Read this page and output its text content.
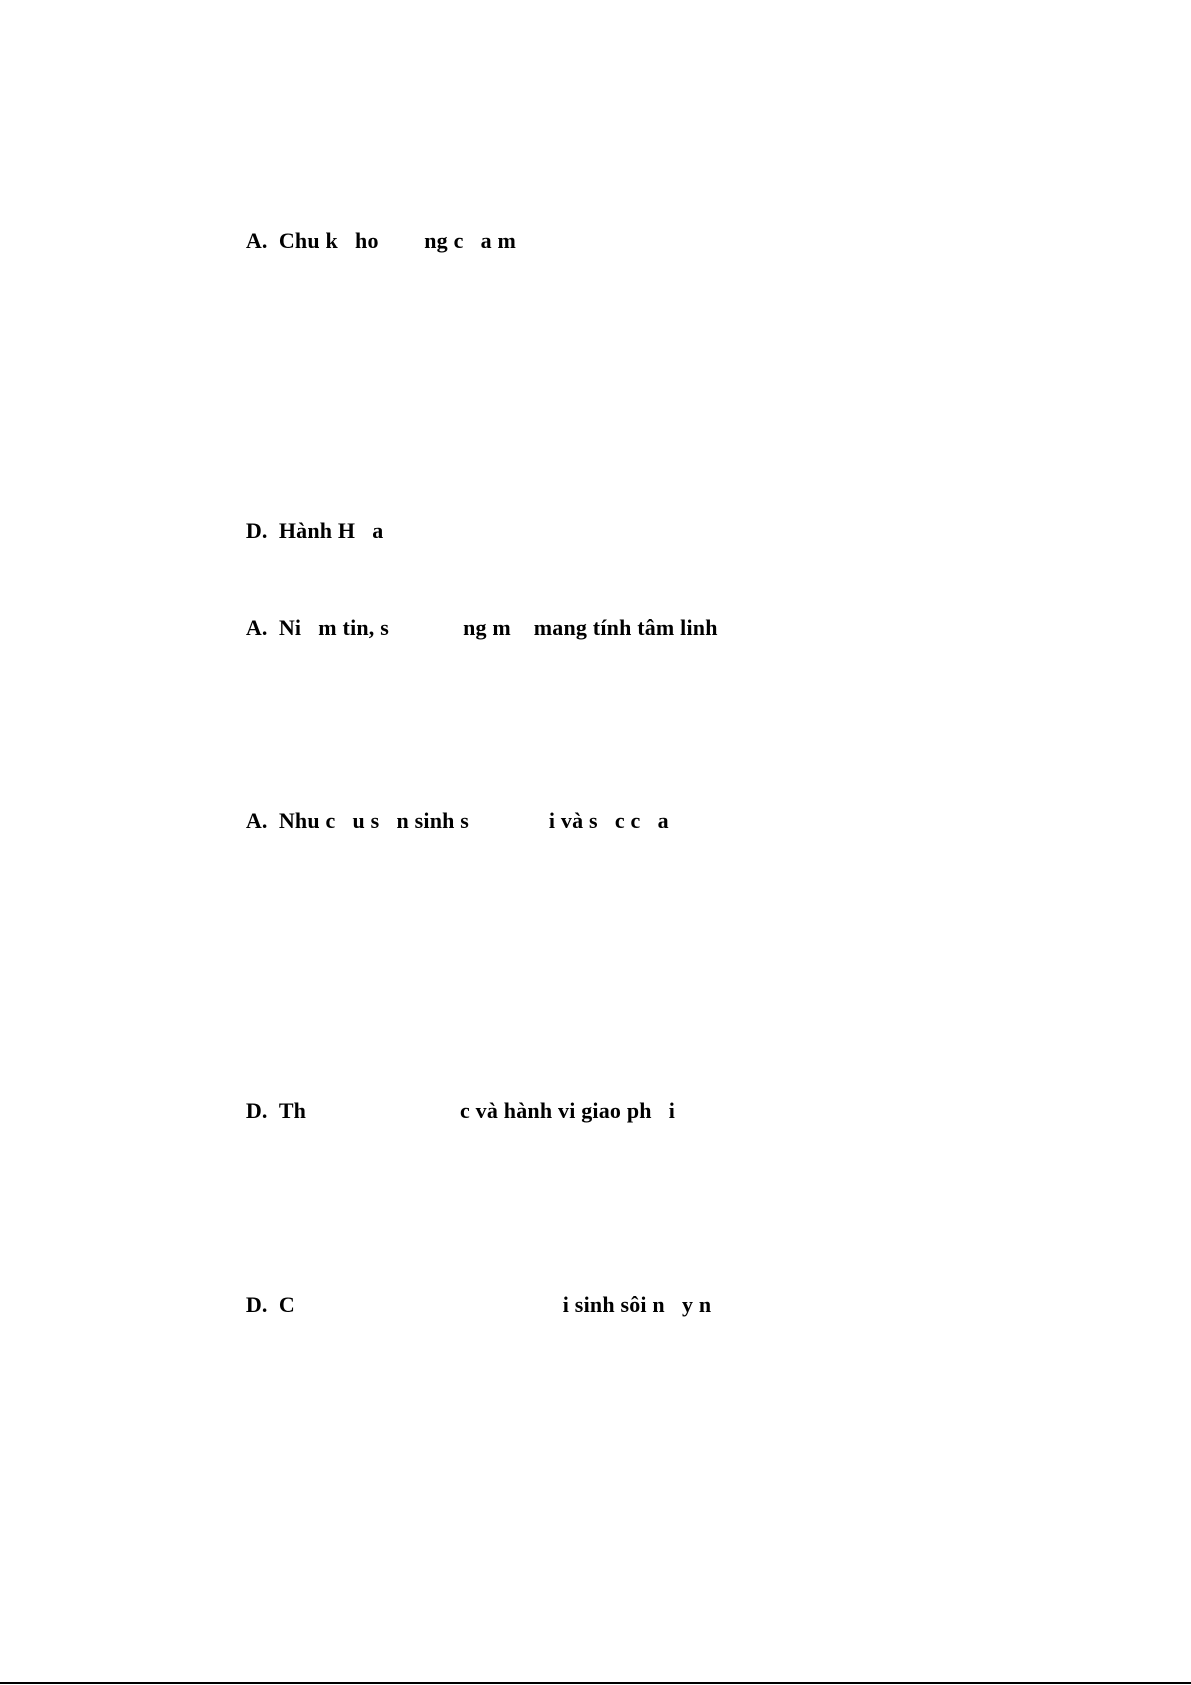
A. Chu k   ho        ng c   a m

D. Hành H   a

A. Ni   m tin, s             ng m    mang tính tâm linh

A. Nhu c   u s   n sinh s              i và s   c c   a

D. Th                           c và hành vi giao ph   i

D. C                                               i sinh sôi n   y n
